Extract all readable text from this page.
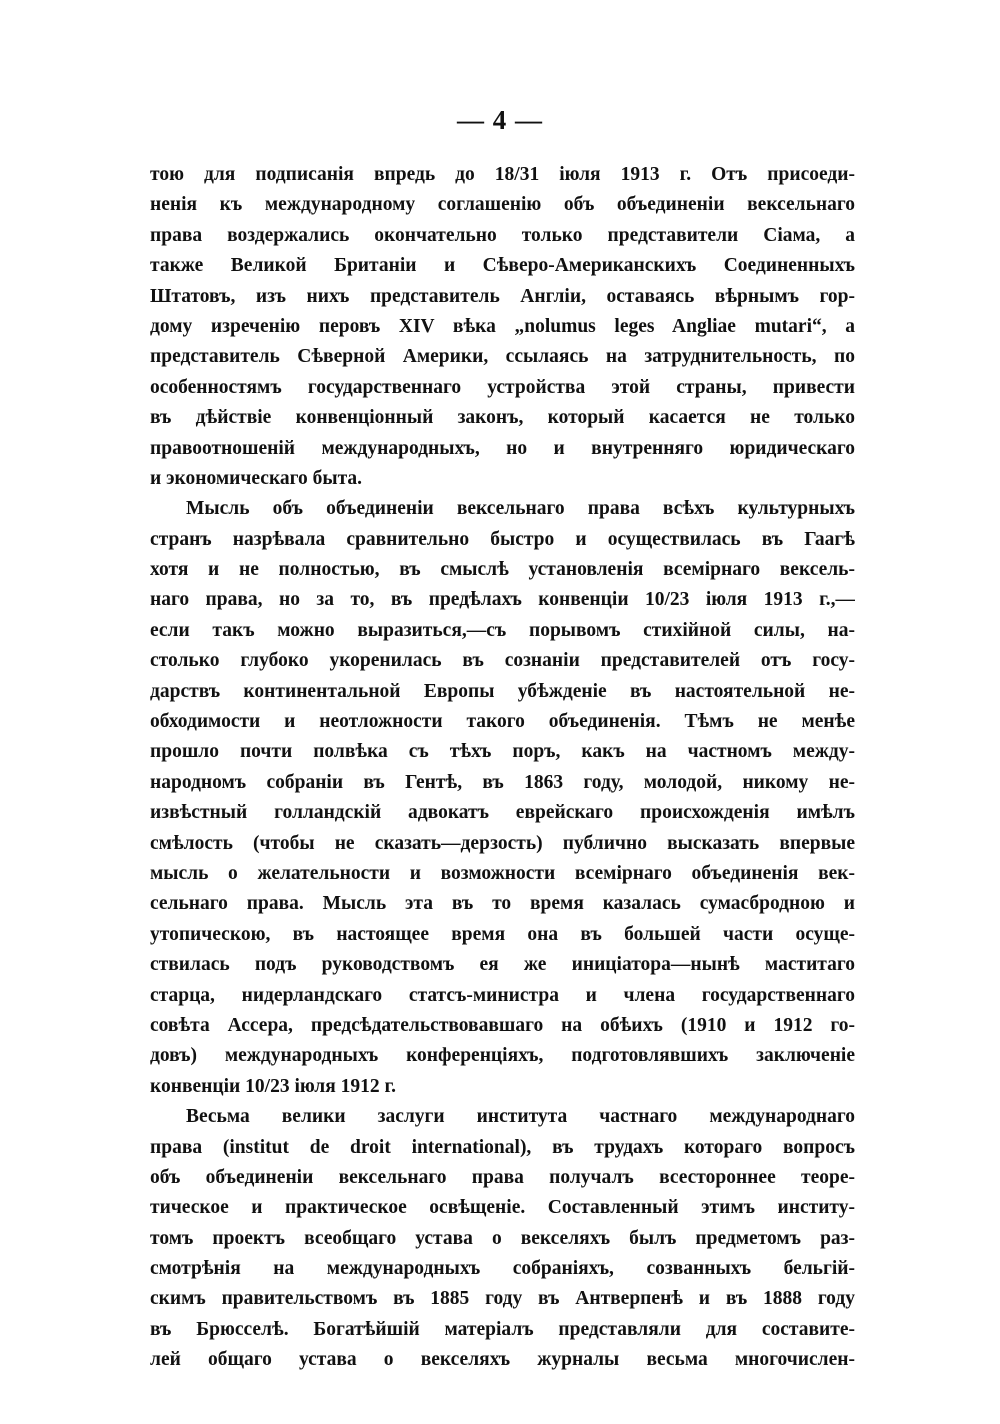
— 4 —
тою для подписанія впредь до 18/31 іюля 1913 г. Отъ присоеди-
ненія къ международному соглашенію объ объединеніи вексельнаго
права воздержались окончательно только представители Сіама, а
также Великой Британіи и Сѣверо-Американскихъ Соединенныхъ
Штатовъ, изъ нихъ представитель Англіи, оставаясь вѣрнымъ гор-
дому изреченію перовъ XIV вѣка „nolumus leges Angliae mutari“, а
представитель Сѣверной Америки, ссылаясь на затруднительность, по
особенностямъ государственнаго устройства этой страны, привести
въ дѣйствіе конвенціонный законъ, который касается не только
правоотношеній международныхъ, но и внутренняго юридическаго
и экономическаго быта.
Мысль объ объединеніи вексельнаго права всѣхъ культурныхъ
странъ назрѣвала сравнительно быстро и осуществилась въ Гаагѣ
хотя и не полностью, въ смыслѣ установленія всемірнаго вексель-
наго права, но за то, въ предѣлахъ конвенціи 10/23 іюля 1913 г.,—
если такъ можно выразиться,—съ порывомъ стихійной силы, на-
столько глубоко укоренилась въ сознаніи представителей отъ госу-
дарствъ континентальной Европы убѣжденіе въ настоятельной не-
обходимости и неотложности такого объединенія. Тѣмъ не менѣе
прошло почти полвѣка съ тѣхъ поръ, какъ на частномъ между-
народномъ собраніи въ Гентѣ, въ 1863 году, молодой, никому не-
извѣстный голландскій адвокатъ еврейскаго происхожденія имѣлъ
смѣлость (чтобы не сказать—дерзость) публично высказать впервые
мысль о желательности и возможности всемірнаго объединенія век-
сельнаго права. Мысль эта въ то время казалась сумасбродною и
утопическою, въ настоящее время она въ большей части осуще-
ствилась подъ руководствомъ ея же иниціатора—нынѣ маститаго
старца, нидерландскаго статсъ-министра и члена государственнаго
совѣта Ассера, предсѣдательствовавшаго на обѣихъ (1910 и 1912 го-
довъ) международныхъ конференціяхъ, подготовлявшихъ заключеніе
конвенціи 10/23 іюля 1912 г.
Весьма велики заслуги института частнаго международнаго
права (institut de droit international), въ трудахъ котораго вопросъ
объ объединеніи вексельнаго права получалъ всестороннее теоре-
тическое и практическое освѣщеніе. Составленный этимъ институ-
томъ проектъ всеобщаго устава о векселяхъ былъ предметомъ раз-
смотрѣнія на международныхъ собраніяхъ, созванныхъ бельгій-
скимъ правительствомъ въ 1885 году въ Антверпенѣ и въ 1888 году
въ Брюсселѣ. Богатѣйшій матеріалъ представляли для составите-
лей общаго устава о векселяхъ журналы весьма многочислен-
